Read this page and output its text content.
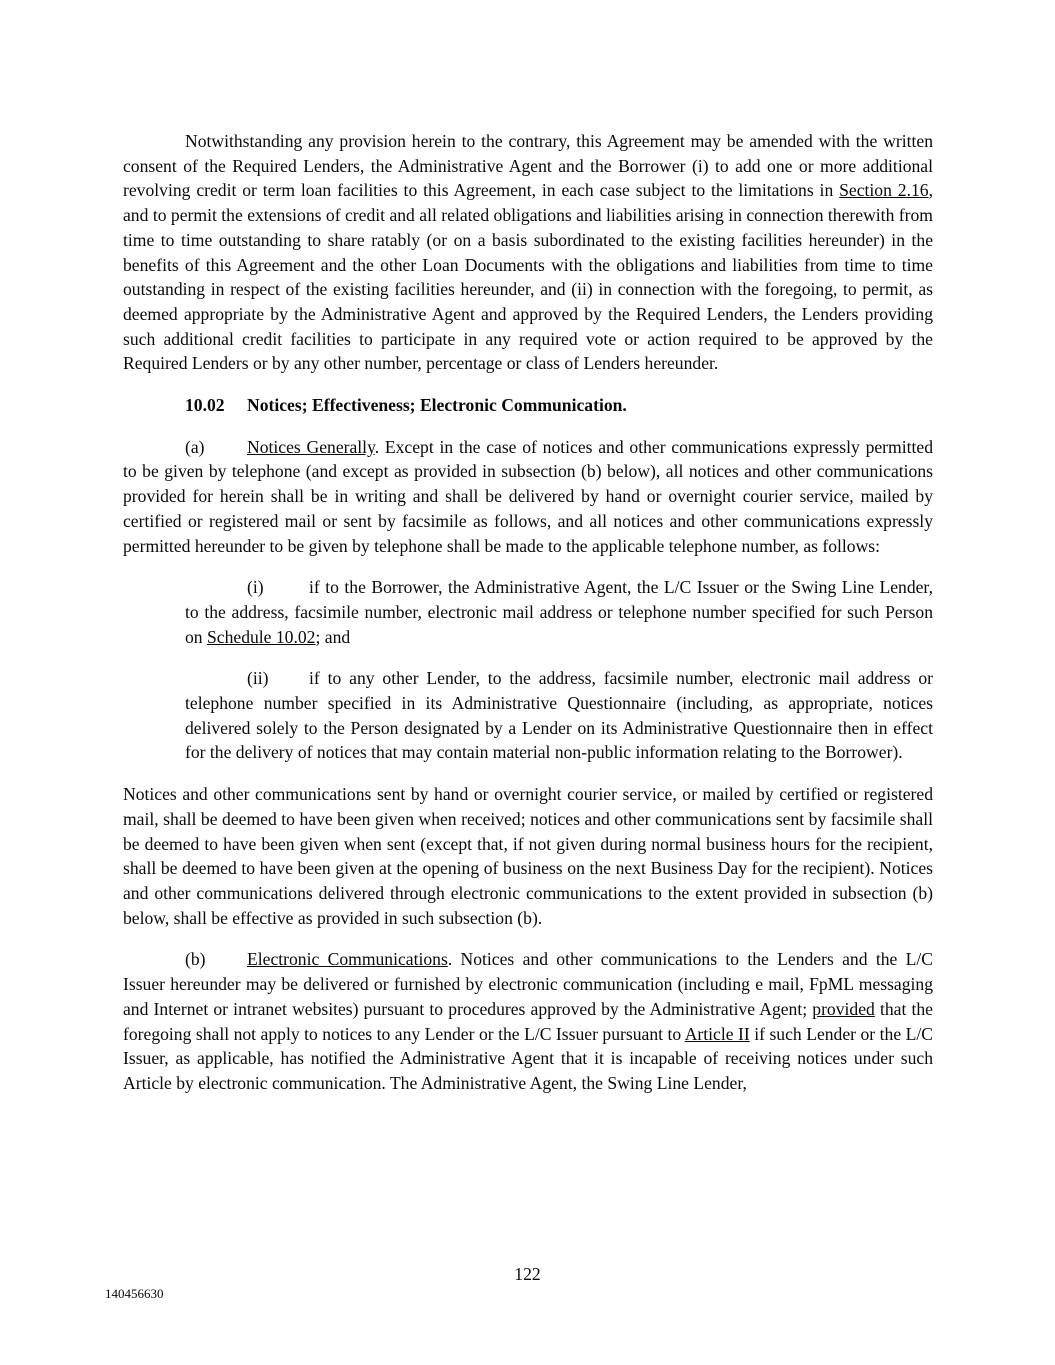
Notwithstanding any provision herein to the contrary, this Agreement may be amended with the written consent of the Required Lenders, the Administrative Agent and the Borrower (i) to add one or more additional revolving credit or term loan facilities to this Agreement, in each case subject to the limitations in Section 2.16, and to permit the extensions of credit and all related obligations and liabilities arising in connection therewith from time to time outstanding to share ratably (or on a basis subordinated to the existing facilities hereunder) in the benefits of this Agreement and the other Loan Documents with the obligations and liabilities from time to time outstanding in respect of the existing facilities hereunder, and (ii) in connection with the foregoing, to permit, as deemed appropriate by the Administrative Agent and approved by the Required Lenders, the Lenders providing such additional credit facilities to participate in any required vote or action required to be approved by the Required Lenders or by any other number, percentage or class of Lenders hereunder.

10.02 Notices; Effectiveness; Electronic Communication.

(a) Notices Generally. Except in the case of notices and other communications expressly permitted to be given by telephone (and except as provided in subsection (b) below), all notices and other communications provided for herein shall be in writing and shall be delivered by hand or overnight courier service, mailed by certified or registered mail or sent by facsimile as follows, and all notices and other communications expressly permitted hereunder to be given by telephone shall be made to the applicable telephone number, as follows:

(i)	if to the Borrower, the Administrative Agent, the L/C Issuer or the Swing Line Lender, to the address, facsimile number, electronic mail address or telephone number specified for such Person on Schedule 10.02; and

(ii) if to any other Lender, to the address, facsimile number, electronic mail address or telephone number specified in its Administrative Questionnaire (including, as appropriate, notices delivered solely to the Person designated by a Lender on its Administrative Questionnaire then in effect for the delivery of notices that may contain material non-public information relating to the Borrower).

Notices and other communications sent by hand or overnight courier service, or mailed by certified or registered mail, shall be deemed to have been given when received; notices and other communications sent by facsimile shall be deemed to have been given when sent (except that, if not given during normal business hours for the recipient, shall be deemed to have been given at the opening of business on the next Business Day for the recipient). Notices and other communications delivered through electronic communications to the extent provided in subsection (b) below, shall be effective as provided in such subsection (b).

(b) Electronic Communications. Notices and other communications to the Lenders and the L/C Issuer hereunder may be delivered or furnished by electronic communication (including e mail, FpML messaging and Internet or intranet websites) pursuant to procedures approved by the Administrative Agent; provided that the foregoing shall not apply to notices to any Lender or the L/C Issuer pursuant to Article II if such Lender or the L/C Issuer, as applicable, has notified the Administrative Agent that it is incapable of receiving notices under such Article by electronic communication. The Administrative Agent, the Swing Line Lender,

122
140456630
